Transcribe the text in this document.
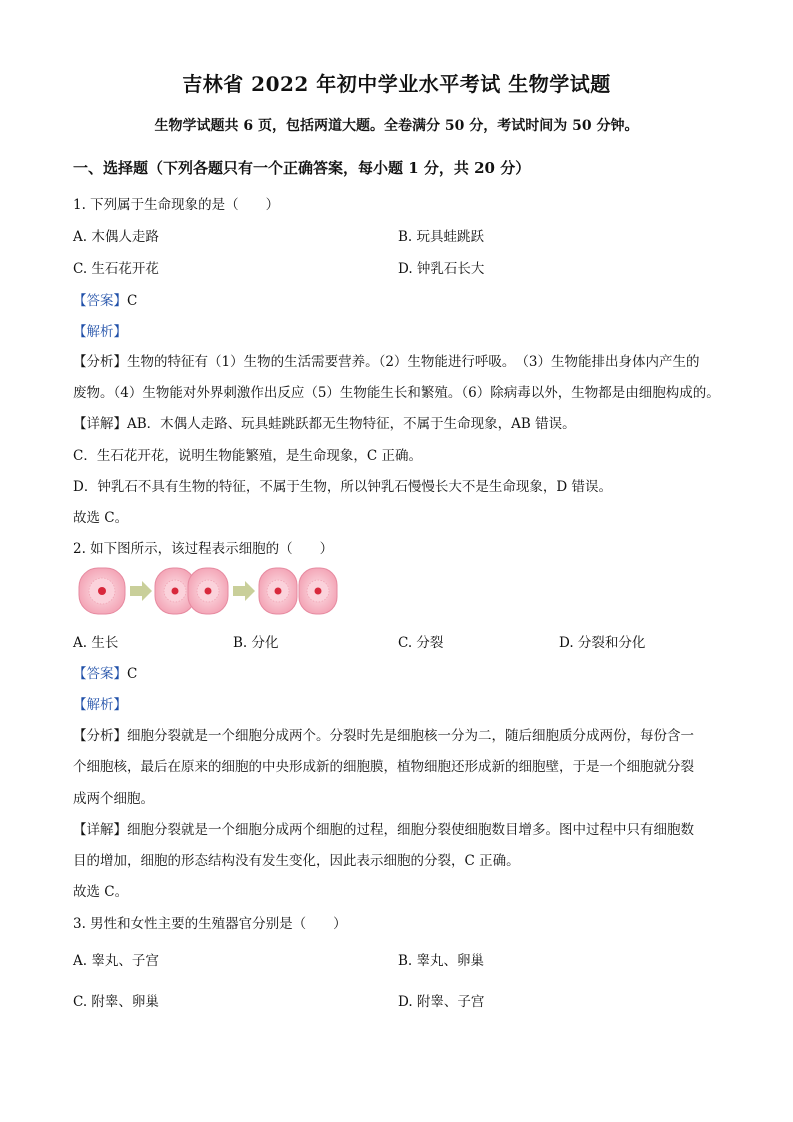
吉林省 2022 年初中学业水平考试 生物学试题
生物学试题共 6 页，包括两道大题。全卷满分 50 分，考试时间为 50 分钟。
一、选择题（下列各题只有一个正确答案，每小题 1 分，共 20 分）
1. 下列属于生命现象的是（　　）
A. 木偶人走路	B. 玩具蛙跳跃
C. 生石花开花	D. 钟乳石长大
【答案】C
【解析】
【分析】生物的特征有（1）生物的生活需要营养。（2）生物能进行呼吸。　（3）生物能排出身体内产生的
废物。（4）生物能对外界刺激作出反应（5）生物能生长和繁殖。（6）除病毒以外，生物都是由细胞构成的。
【详解】AB．木偶人走路、玩具蛙跳跃都无生物特征，不属于生命现象，AB 错误。
C．生石花开花，说明生物能繁殖，是生命现象，C 正确。
D．钟乳石不具有生物的特征，不属于生物，所以钟乳石慢慢长大不是生命现象，D 错误。
故选 C。
2. 如下图所示，该过程表示细胞的（　　）
A. 生长	B. 分化	C. 分裂	D. 分裂和分化
【答案】C
【解析】
【分析】细胞分裂就是一个细胞分成两个。分裂时先是细胞核一分为二，随后细胞质分成两份，每份含一
个细胞核，最后在原来的细胞的中央形成新的细胞膜，植物细胞还形成新的细胞壁，于是一个细胞就分裂
成两个细胞。
【详解】细胞分裂就是一个细胞分成两个细胞的过程，细胞分裂使细胞数目增多。图中过程中只有细胞数
目的增加，细胞的形态结构没有发生变化，因此表示细胞的分裂，C 正确。
故选 C。
3. 男性和女性主要的生殖器官分别是（　　）
A. 睾丸、子宫	B. 睾丸、卵巢
C. 附睾、卵巢	D. 附睾、子宫
